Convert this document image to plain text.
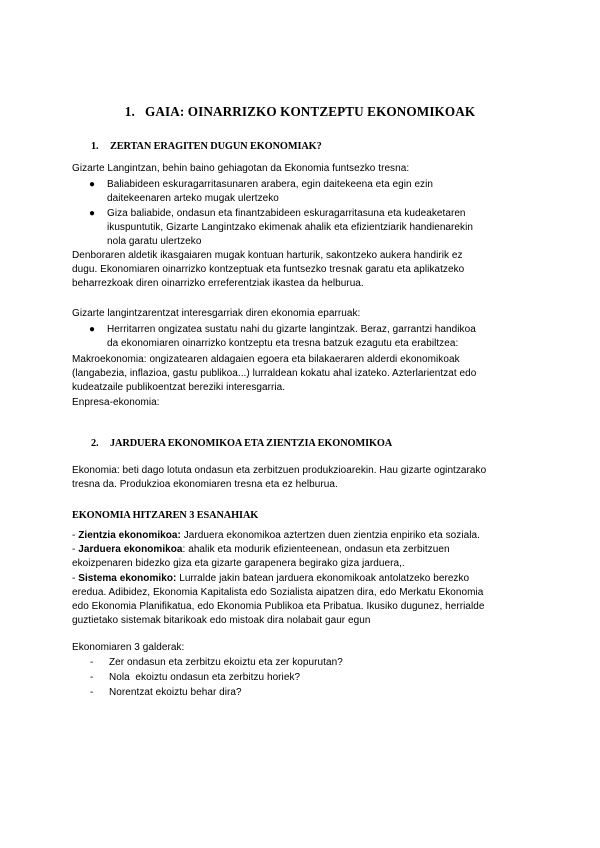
1.   GAIA: OINARRIZKO KONTZEPTU EKONOMIKOAK
1. ZERTAN ERAGITEN DUGUN EKONOMIAK?
Gizarte Langintzan, behin baino gehiagotan da Ekonomia funtsezko tresna:
● Baliabideen eskuragarritasunaren arabera, egin daitekeena eta egin ezin
daitekeenaren arteko mugak ulertzeko
● Giza baliabide, ondasun eta finantzabideen eskuragarritasuna eta kudeaketaren
ikuspuntutik, Gizarte Langintzako ekimenak ahalik eta efizientziarik handienarekin
nola garatu ulertzeko
Denboraren aldetik ikasgaiaren mugak kontuan harturik, sakontzeko aukera handirik ez
dugu. Ekonomiaren oinarrizko kontzeptuak eta funtsezko tresnak garatu eta aplikatzeko
beharrezkoak diren oinarrizko erreferentziak ikastea da helburua.
Gizarte langintzarentzat interesgarriak diren ekonomia eparruak:
● Herritarren ongizatea sustatu nahi du gizarte langintzak. Beraz, garrantzi handikoa
da ekonomiaren oinarrizko kontzeptu eta tresna batzuk ezagutu eta erabiltzea:
Makroekonomia: ongizatearen aldagaien egoera eta bilakaeraren alderdi ekonomikoak
(langabezia, inflazioa, gastu publikoa...) lurraldean kokatu ahal izateko. Azterlarientzat edo
kudeatzaile publikoentzat bereziki interesgarria.
Enpresa-ekonomia:
2. JARDUERA EKONOMIKOA ETA ZIENTZIA EKONOMIKOA
Ekonomia: beti dago lotuta ondasun eta zerbitzuen produkzioarekin. Hau gizarte ogintzarako
tresna da. Produkzioa ekonomiaren tresna eta ez helburua.
EKONOMIA HITZAREN 3 ESANAHIAK
- Zientzia ekonomikoa: Jarduera ekonomikoa aztertzen duen zientzia enpiriko eta soziala.
- Jarduera ekonomikoa: ahalik eta modurik efizienteenean, ondasun eta zerbitzuen
ekoizpenaren bidezko giza eta gizarte garapenera begirako giza jarduera,.
- Sistema ekonomiko: Lurralde jakin batean jarduera ekonomikoak antolatzeko berezko
eredua. Adibidez, Ekonomia Kapitalista edo Sozialista aipatzen dira, edo Merkatu Ekonomia
edo Ekonomia Planifikatua, edo Ekonomia Publikoa eta Pribatua. Ikusiko dugunez, herrialde
guztietako sistemak bitarikoak edo mistoak dira nolabait gaur egun
Ekonomiaren 3 galderak:
- Zer ondasun eta zerbitzu ekoiztu eta zer kopurutan?
- Nola  ekoiztu ondasun eta zerbitzu horiek?
- Norentzat ekoiztu behar dira?
